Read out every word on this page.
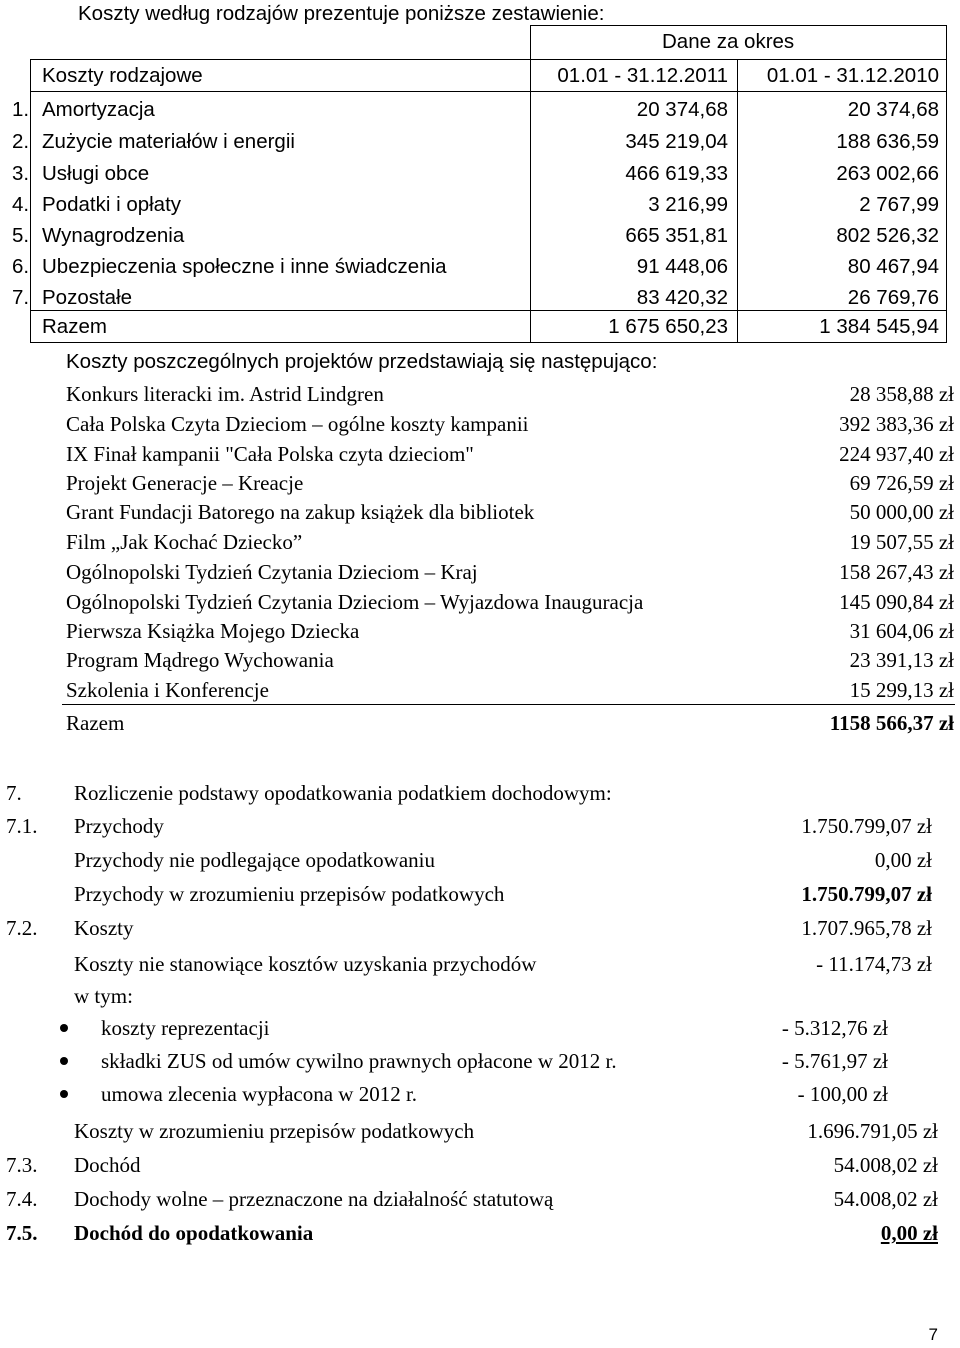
Koszty według rodzajów prezentuje poniższe zestawienie:
Dane za okres
Koszty rodzajowe	01.01 - 31.12.2011	01.01 - 31.12.2010
1. Amortyzacja	20 374,68	20 374,68
2. Zużycie materiałów i energii	345 219,04	188 636,59
3. Usługi obce	466 619,33	263 002,66
4. Podatki i opłaty	3 216,99	2 767,99
5. Wynagrodzenia	665 351,81	802 526,32
6. Ubezpieczenia społeczne i inne świadczenia	91 448,06	80 467,94
7. Pozostałe	83 420,32	26 769,76
Razem	1 675 650,23	1 384 545,94
Koszty poszczególnych projektów przedstawiają się następująco:
Konkurs literacki im. Astrid Lindgren	28 358,88 zł
Cała Polska Czyta Dzieciom – ogólne koszty kampanii	392 383,36 zł
IX Finał kampanii "Cała Polska czyta dzieciom"	224 937,40 zł
Projekt Generacje – Kreacje	69 726,59 zł
Grant Fundacji Batorego na zakup książek dla bibliotek	50 000,00 zł
Film „Jak Kochać Dziecko”	19 507,55 zł
Ogólnopolski Tydzień Czytania Dzieciom – Kraj	158 267,43 zł
Ogólnopolski Tydzień Czytania Dzieciom – Wyjazdowa Inauguracja	145 090,84 zł
Pierwsza Książka Mojego Dziecka	31 604,06 zł
Program Mądrego Wychowania	23 391,13 zł
Szkolenia i Konferencje	15 299,13 zł
Razem	1158 566,37 zł
7. Rozliczenie podstawy opodatkowania podatkiem dochodowym:
7.1. Przychody	1.750.799,07 zł
Przychody nie podlegające opodatkowaniu	0,00 zł
Przychody w zrozumieniu przepisów podatkowych	1.750.799,07 zł
7.2. Koszty	1.707.965,78 zł
Koszty nie stanowiące kosztów uzyskania przychodów	- 11.174,73 zł
w tym:
koszty reprezentacji	- 5.312,76 zł
składki ZUS od umów cywilno prawnych opłacone w 2012 r.	- 5.761,97 zł
umowa zlecenia wypłacona w 2012 r.	- 100,00 zł
Koszty w zrozumieniu przepisów podatkowych	1.696.791,05 zł
7.3. Dochód	54.008,02 zł
7.4. Dochody wolne – przeznaczone na działalność statutową	54.008,02 zł
7.5. Dochód do opodatkowania	0,00 zł
7
